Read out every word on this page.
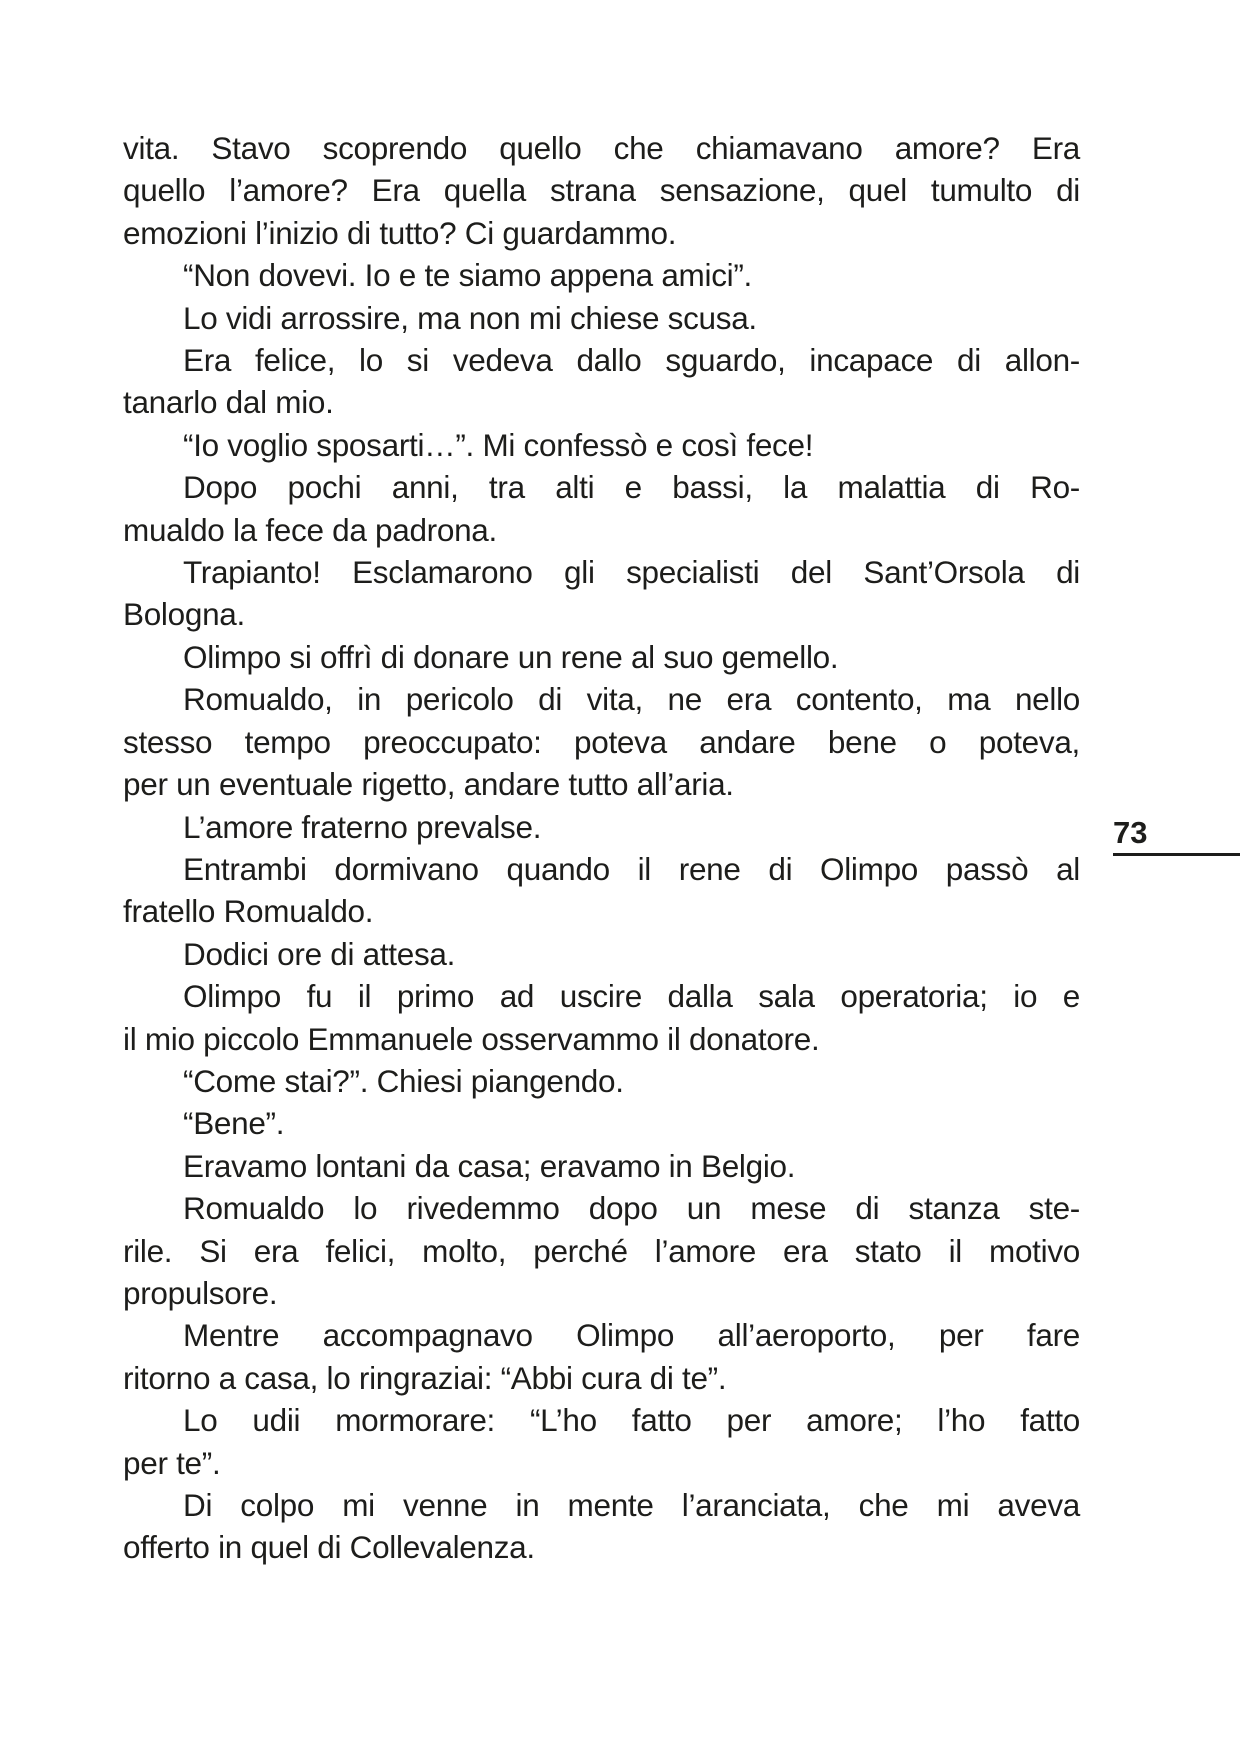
vita. Stavo scoprendo quello che chiamavano amore? Era
quello l’amore? Era quella strana sensazione, quel tumulto di
emozioni l’inizio di tutto? Ci guardammo.
“Non dovevi. Io e te siamo appena amici”.
Lo vidi arrossire, ma non mi chiese scusa.
Era felice, lo si vedeva dallo sguardo, incapace di allon-
tanarlo dal mio.
“Io voglio sposarti…”. Mi confessò e così fece!
Dopo pochi anni, tra alti e bassi, la malattia di Ro-
mualdo la fece da padrona.
Trapianto! Esclamarono gli specialisti del Sant’Orsola di
Bologna.
Olimpo si offrì di donare un rene al suo gemello.
Romualdo, in pericolo di vita, ne era contento, ma nello
stesso tempo preoccupato: poteva andare bene o poteva,
per un eventuale rigetto, andare tutto all’aria.
L’amore fraterno prevalse.
Entrambi dormivano quando il rene di Olimpo passò al
fratello Romualdo.
Dodici ore di attesa.
Olimpo fu il primo ad uscire dalla sala operatoria; io e
il mio piccolo Emmanuele osservammo il donatore.
“Come stai?”. Chiesi piangendo.
“Bene”.
Eravamo lontani da casa; eravamo in Belgio.
Romualdo lo rivedemmo dopo un mese di stanza ste-
rile. Si era felici, molto, perché l’amore era stato il motivo
propulsore.
Mentre accompagnavo Olimpo all’aeroporto, per fare
ritorno a casa, lo ringraziai: “Abbi cura di te”.
Lo udii mormorare: “L’ho fatto per amore; l’ho fatto
per te”.
Di colpo mi venne in mente l’aranciata, che mi aveva
offerto in quel di Collevalenza.
73
